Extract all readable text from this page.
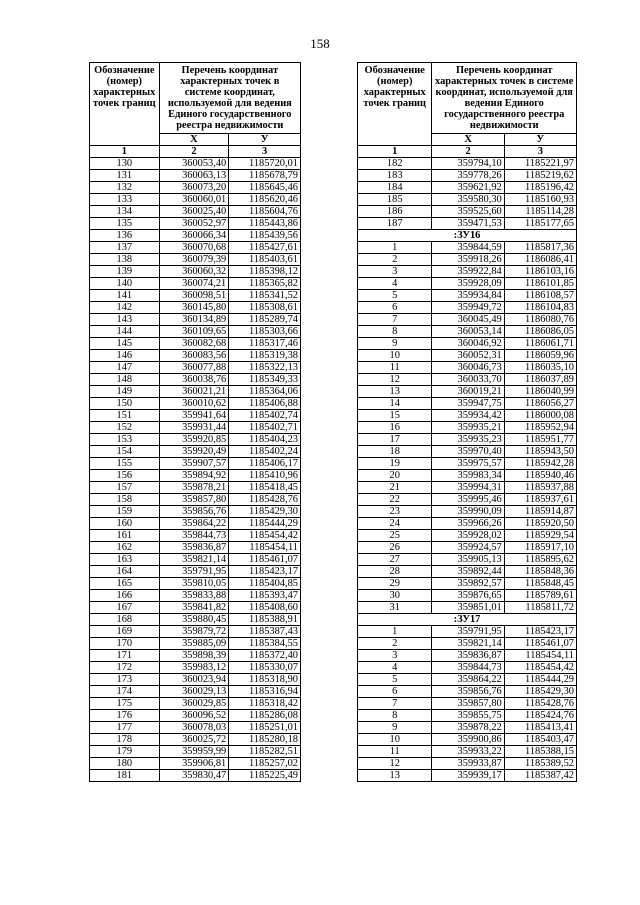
158
Обозначение (номер) характерных точек границ	Перечень координат характерных точек в системе координат, используемой для ведения Единого государственного реестра недвижимости	
	X	У
1	2	3
130	360053,40	1185720,01
131	360063,13	1185678,79
132	360073,20	1185645,46
133	360060,01	1185620,46
134	360025,40	1185604,76
135	360052,97	1185443,86
136	360066,34	1185439,56
137	360070,68	1185427,61
138	360079,39	1185403,61
139	360060,32	1185398,12
140	360074,21	1185365,82
141	360098,51	1185341,52
142	360145,80	1185308,61
143	360134,89	1185289,74
144	360109,65	1185303,66
145	360082,68	1185317,46
146	360083,56	1185319,38
147	360077,88	1185322,13
148	360038,76	1185349,33
149	360021,21	1185364,06
150	360010,62	1185406,88
151	359941,64	1185402,74
152	359931,44	1185402,71
153	359920,85	1185404,23
154	359920,49	1185402,24
155	359907,57	1185406,17
156	359894,92	1185410,96
157	359878,21	1185418,45
158	359857,80	1185428,76
159	359856,76	1185429,30
160	359864,22	1185444,29
161	359844,73	1185454,42
162	359836,87	1185454,11
163	359821,14	1185461,07
164	359791,95	1185423,17
165	359810,05	1185404,85
166	359833,88	1185393,47
167	359841,82	1185408,60
168	359880,45	1185388,91
169	359879,72	1185387,43
170	359885,09	1185384,55
171	359898,39	1185372,40
172	359983,12	1185330,07
173	360023,94	1185318,90
174	360029,13	1185316,94
175	360029,85	1185318,42
176	360096,52	1185286,08
177	360078,03	1185251,01
178	360025,72	1185280,18
179	359959,99	1185282,51
180	359906,81	1185257,02
181	359830,47	1185225,49
Обозначение (номер) характерных точек границ	Перечень координат характерных точек в системе координат, используемой для ведения Единого государственного реестра недвижимости	
	X	У
1	2	3
182	359794,10	1185221,97
183	359778,26	1185219,62
184	359621,92	1185196,42
185	359580,30	1185160,93
186	359525,60	1185114,28
187	359471,53	1185177,65
:ЗУ16		
1	359844,59	1185817,36
2	359918,26	1186086,41
3	359922,84	1186103,16
4	359928,09	1186101,85
5	359934,84	1186108,57
6	359949,72	1186104,83
7	360045,49	1186080,76
8	360053,14	1186086,05
9	360046,92	1186061,71
10	360052,31	1186059,96
11	360046,73	1186035,10
12	360033,70	1186037,89
13	360019,21	1186040,99
14	359947,75	1186056,27
15	359934,42	1186000,08
16	359935,21	1185952,94
17	359935,23	1185951,77
18	359970,40	1185943,50
19	359975,57	1185942,28
20	359983,34	1185940,46
21	359994,31	1185937,88
22	359995,46	1185937,61
23	359990,09	1185914,87
24	359966,26	1185920,50
25	359928,02	1185929,54
26	359924,57	1185917,10
27	359905,13	1185895,62
28	359892,44	1185848,36
29	359892,57	1185848,45
30	359876,65	1185789,61
31	359851,01	1185811,72
:ЗУ17		
1	359791,95	1185423,17
2	359821,14	1185461,07
3	359836,87	1185454,11
4	359844,73	1185454,42
5	359864,22	1185444,29
6	359856,76	1185429,30
7	359857,80	1185428,76
8	359855,75	1185424,76
9	359878,22	1185413,41
10	359900,86	1185403,47
11	359933,22	1185388,15
12	359933,87	1185389,52
13	359939,17	1185387,42
